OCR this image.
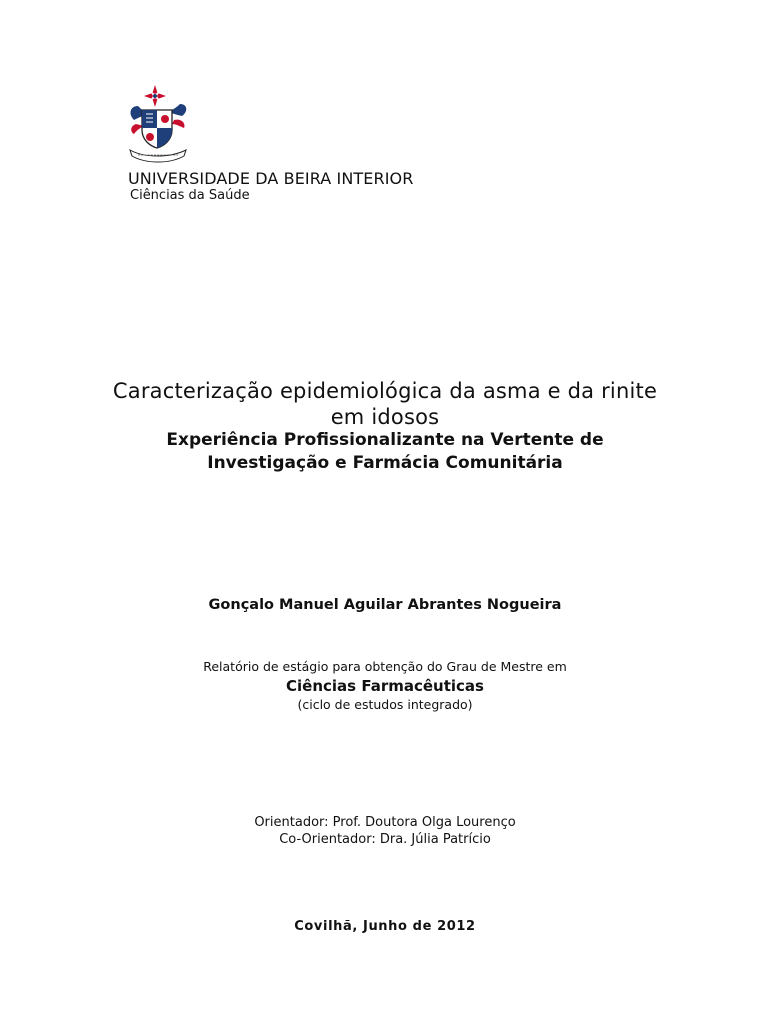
UNIVERSIDADE DA BEIRA INTERIOR
Ciências da Saúde
Caracterização epidemiológica da asma e da rinite
em idosos
Experiência Profissionalizante na Vertente de
Investigação e Farmácia Comunitária
Gonçalo Manuel Aguilar Abrantes Nogueira
Relatório de estágio para obtenção do Grau de Mestre em
Ciências Farmacêuticas
(ciclo de estudos integrado)
Orientador: Prof. Doutora Olga Lourenço
Co-Orientador: Dra. Júlia Patrício
Covilhã, Junho de 2012
